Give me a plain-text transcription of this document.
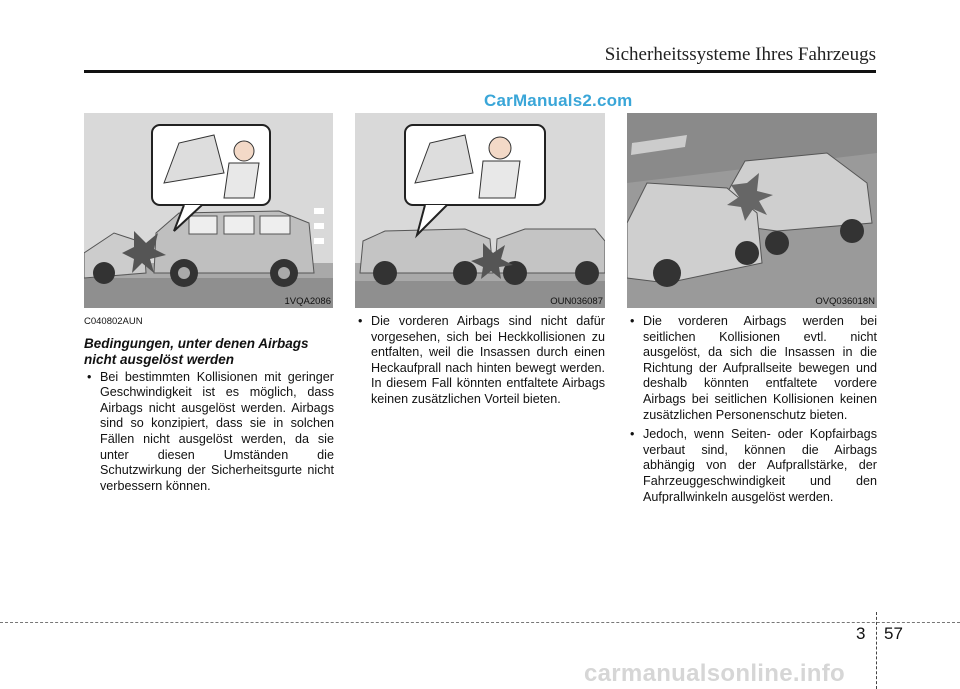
Sicherheitssysteme Ihres Fahrzeugs
CarManuals2.com
1VQA2086	OUN036087	OVQ036018N
C040802AUN
Bedingungen, unter denen Airbags nicht ausgelöst werden
• Bei bestimmten Kollisionen mit geringer Geschwindigkeit ist es möglich, dass Airbags nicht ausgelöst werden. Airbags sind so konzipiert, dass sie in solchen Fällen nicht ausgelöst werden, da sie unter diesen Umständen die Schutzwirkung der Sicherheitsgurte nicht verbessern können.
• Die vorderen Airbags sind nicht dafür vorgesehen, sich bei Heckkollisionen zu entfalten, weil die Insassen durch einen Heckaufprall nach hinten bewegt werden. In diesem Fall könnten entfaltete Airbags keinen zusätzlichen Vorteil bieten.
• Die vorderen Airbags werden bei seitlichen Kollisionen evtl. nicht ausgelöst, da sich die Insassen in die Richtung der Aufprallseite bewegen und deshalb könnten entfaltete vordere Airbags bei seitlichen Kollisionen keinen zusätzlichen Personenschutz bieten.
• Jedoch, wenn Seiten- oder Kopfairbags verbaut sind, können die Airbags abhängig von der Aufprallstärke, der Fahrzeuggeschwindigkeit und den Aufprallwinkeln ausgelöst werden.
3 57
carmanualsonline.info
